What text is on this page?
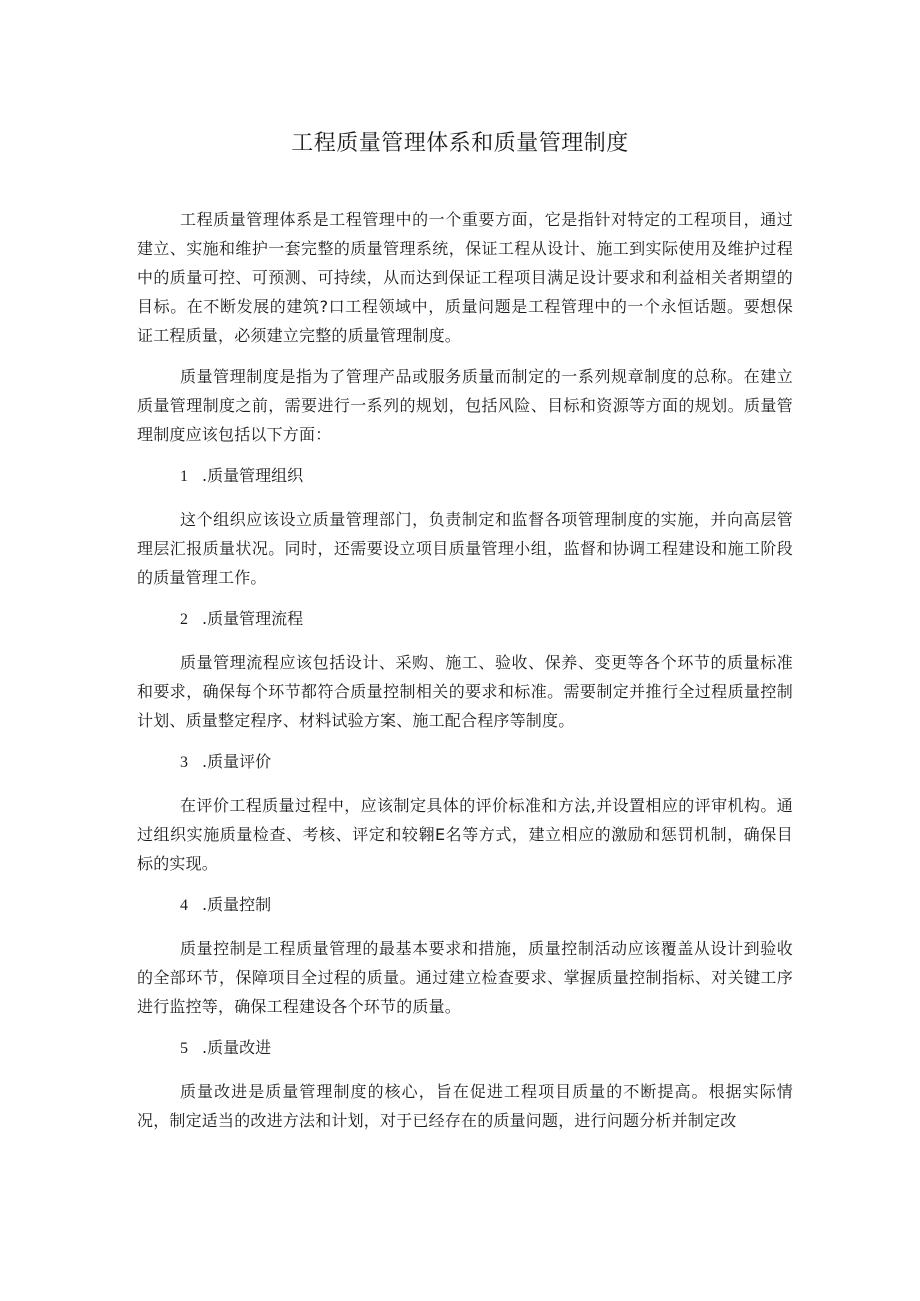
工程质量管理体系和质量管理制度

工程质量管理体系是工程管理中的一个重要方面，它是指针对特定的工程项目，通过建立、实施和维护一套完整的质量管理系统，保证工程从设计、施工到实际使用及维护过程中的质量可控、可预测、可持续，从而达到保证工程项目满足设计要求和利益相关者期望的目标。在不断发展的建筑?口工程领域中，质量问题是工程管理中的一个永恒话题。要想保证工程质量，必须建立完整的质量管理制度。

质量管理制度是指为了管理产品或服务质量而制定的一系列规章制度的总称。在建立质量管理制度之前，需要进行一系列的规划，包括风险、目标和资源等方面的规划。质量管理制度应该包括以下方面：

1 .质量管理组织

这个组织应该设立质量管理部门，负责制定和监督各项管理制度的实施，并向高层管理层汇报质量状况。同时，还需要设立项目质量管理小组，监督和协调工程建设和施工阶段的质量管理工作。

2 .质量管理流程

质量管理流程应该包括设计、采购、施工、验收、保养、变更等各个环节的质量标准和要求，确保每个环节都符合质量控制相关的要求和标准。需要制定并推行全过程质量控制计划、质量整定程序、材料试验方案、施工配合程序等制度。

3 .质量评价

在评价工程质量过程中，应该制定具体的评价标准和方法,并设置相应的评审机构。通过组织实施质量检查、考核、评定和较翱E名等方式，建立相应的激励和惩罚机制，确保目标的实现。

4 .质量控制

质量控制是工程质量管理的最基本要求和措施，质量控制活动应该覆盖从设计到验收的全部环节，保障项目全过程的质量。通过建立检查要求、掌握质量控制指标、对关键工序进行监控等，确保工程建设各个环节的质量。

5 .质量改进

质量改进是质量管理制度的核心，旨在促进工程项目质量的不断提高。根据实际情况，制定适当的改进方法和计划，对于已经存在的质量问题，进行问题分析并制定改
